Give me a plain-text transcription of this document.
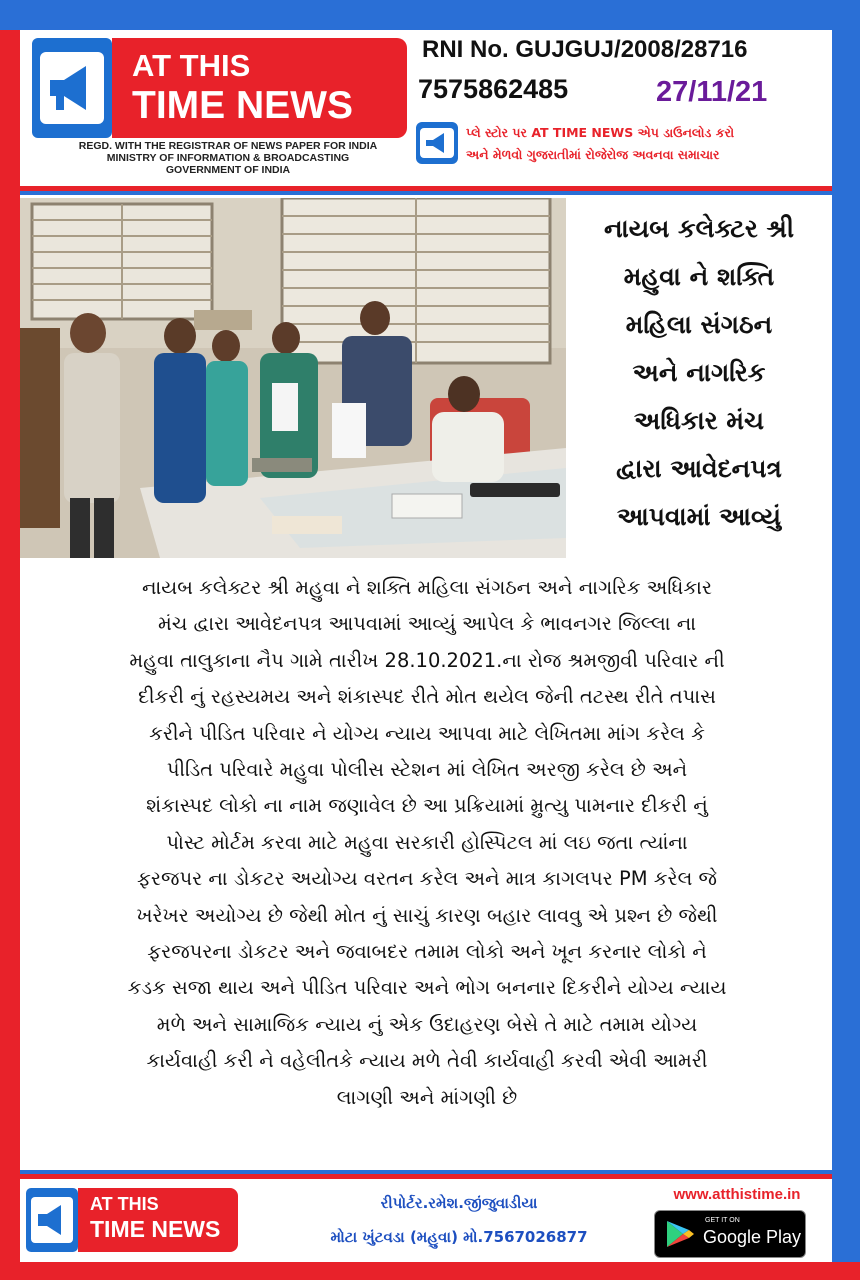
AT THIS
TIME NEWS
REGD. WITH THE REGISTRAR OF NEWS PAPER FOR INDIA
MINISTRY OF INFORMATION & BROADCASTING
GOVERNMENT OF INDIA
RNI No. GUJGUJ/2008/28716
7575862485	27/11/21
પ્લે સ્ટોર પર AT TIME NEWS એપ ડાઉનલોડ કરો
અને મેળવો ગુજરાતીમાં રોજેરોજ અવનવા સમાચાર
નાયબ કલેક્ટર શ્રી
મહુવા ને શક્તિ
મહિલા સંગઠન
અને નાગરિક
અધિકાર મંચ
દ્વારા આવેદનપત્ર
આપવામાં આવ્યું
નાયબ કલેક્ટર શ્રી મહુવા ને શક્તિ મહિલા સંગઠન અને નાગરિક અધિકાર
મંચ દ્વારા આવેદનપત્ર આપવામાં આવ્યું આપેલ કે ભાવનગર જિલ્લા ના
મહુવા તાલુકાના નૈપ ગામે તારીખ 28.10.2021.ના રોજ શ્રમજીવી પરિવાર ની
દીકરી નું રહસ્યમય અને શંકાસ્પદ રીતે મોત થયેલ જેની તટસ્થ રીતે તપાસ
કરીને પીડિત પરિવાર ને યોગ્ય ન્યાય આપવા માટે લેખિતમા માંગ કરેલ કે
પીડિત પરિવારે મહુવા પોલીસ સ્ટેશન માં લેખિત અરજી કરેલ છે અને
શંકાસ્પદ લોકો ના નામ જણાવેલ છે આ પ્રક્રિયામાં મ્રુત્યુ પામનાર દીકરી નું
પોસ્ટ મોર્ટમ કરવા માટે મહુવા સરકારી હોસ્પિટલ માં લઇ જતા ત્યાંના
ફરજપર ના ડોકટર અયોગ્ય વરતન કરેલ અને માત્ર કાગલપર PM કરેલ જે
ખરેખર અયોગ્ય છે જેથી મોત નું સાચું કારણ બહાર લાવવુ એ પ્રશ્ન છે જેથી
ફરજપરના ડોકટર અને જવાબદર તમામ લોકો અને ખૂન કરનાર લોકો ને
કડક સજા થાય અને પીડિત પરિવાર અને ભોગ બનનાર દિકરીને યોગ્ય ન્યાય
મળે અને સામાજિક ન્યાય નું એક ઉદાહરણ બેસે તે માટે તમામ યોગ્ય
કાર્યવાહી કરી ને વહેલીતકે ન્યાય મળે તેવી કાર્યવાહી કરવી એવી આમરી
લાગણી અને માંગણી છે
AT THIS
TIME NEWS
રીપોર્ટર.રમેશ.જીંજુવાડીયા
મોટા ખુંટવડા (મહુવા) મો.7567026877
www.atthistime.in
GET IT ON
Google Play
